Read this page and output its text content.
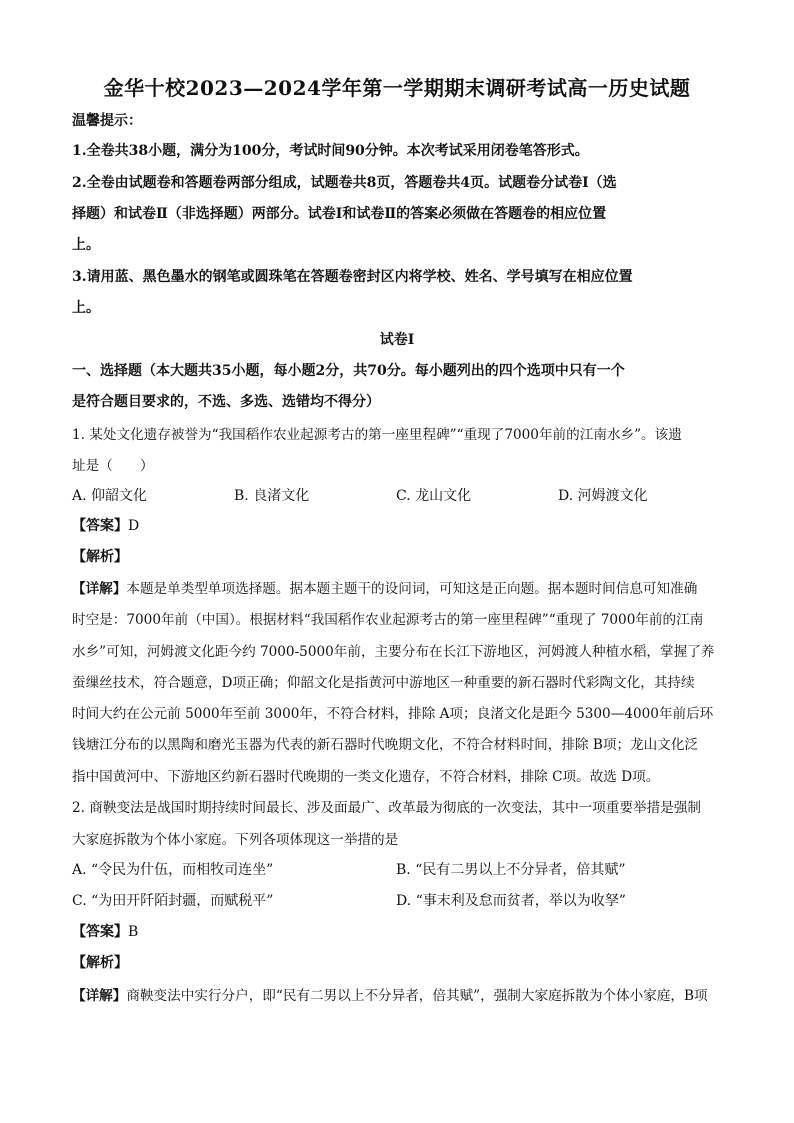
金华十校2023—2024学年第一学期期末调研考试高一历史试题
温馨提示：
1.全卷共38小题，满分为100分，考试时间90分钟。本次考试采用闭卷笔答形式。
2.全卷由试题卷和答题卷两部分组成，试题卷共8页，答题卷共4页。试题卷分试卷Ⅰ（选
择题）和试卷Ⅱ（非选择题）两部分。试卷Ⅰ和试卷Ⅱ的答案必须做在答题卷的相应位置
上。
3.请用蓝、黑色墨水的钢笔或圆珠笔在答题卷密封区内将学校、姓名、学号填写在相应位置
上。
试卷Ⅰ
一、选择题（本大题共35小题，每小题2分，共70分。每小题列出的四个选项中只有一个
是符合题目要求的，不选、多选、选错均不得分）
1. 某处文化遗存被誉为“我国稻作农业起源考古的第一座里程碑”“重现了7000年前的江南水乡”。该遗
址是（　　）
A. 仰韶文化	B. 良渚文化	C. 龙山文化	D. 河姆渡文化
【答案】D
【解析】
【详解】本题是单类型单项选择题。据本题主题干的设问词，可知这是正向题。据本题时间信息可知准确
时空是：7000年前（中国）。根据材料“我国稻作农业起源考古的第一座里程碑”“重现了 7000年前的江南
水乡”可知，河姆渡文化距今约 7000-5000年前，主要分布在长江下游地区，河姆渡人种植水稻，掌握了养
蚕缫丝技术，符合题意，D项正确；仰韶文化是指黄河中游地区一种重要的新石器时代彩陶文化，其持续
时间大约在公元前 5000年至前 3000年，不符合材料，排除 A项；良渚文化是距今 5300—4000年前后环
钱塘江分布的以黑陶和磨光玉器为代表的新石器时代晚期文化，不符合材料时间，排除 B项；龙山文化泛
指中国黄河中、下游地区约新石器时代晚期的一类文化遗存，不符合材料，排除 C项。故选 D项。
2. 商鞅变法是战国时期持续时间最长、涉及面最广、改革最为彻底的一次变法，其中一项重要举措是强制
大家庭拆散为个体小家庭。下列各项体现这一举措的是
A. “令民为什伍，而相牧司连坐”	B. “民有二男以上不分异者，倍其赋”
C. “为田开阡陌封疆，而赋税平”	D. “事末利及怠而贫者，举以为收孥”
【答案】B
【解析】
【详解】商鞅变法中实行分户，即“民有二男以上不分异者，倍其赋”，强制大家庭拆散为个体小家庭，B项
